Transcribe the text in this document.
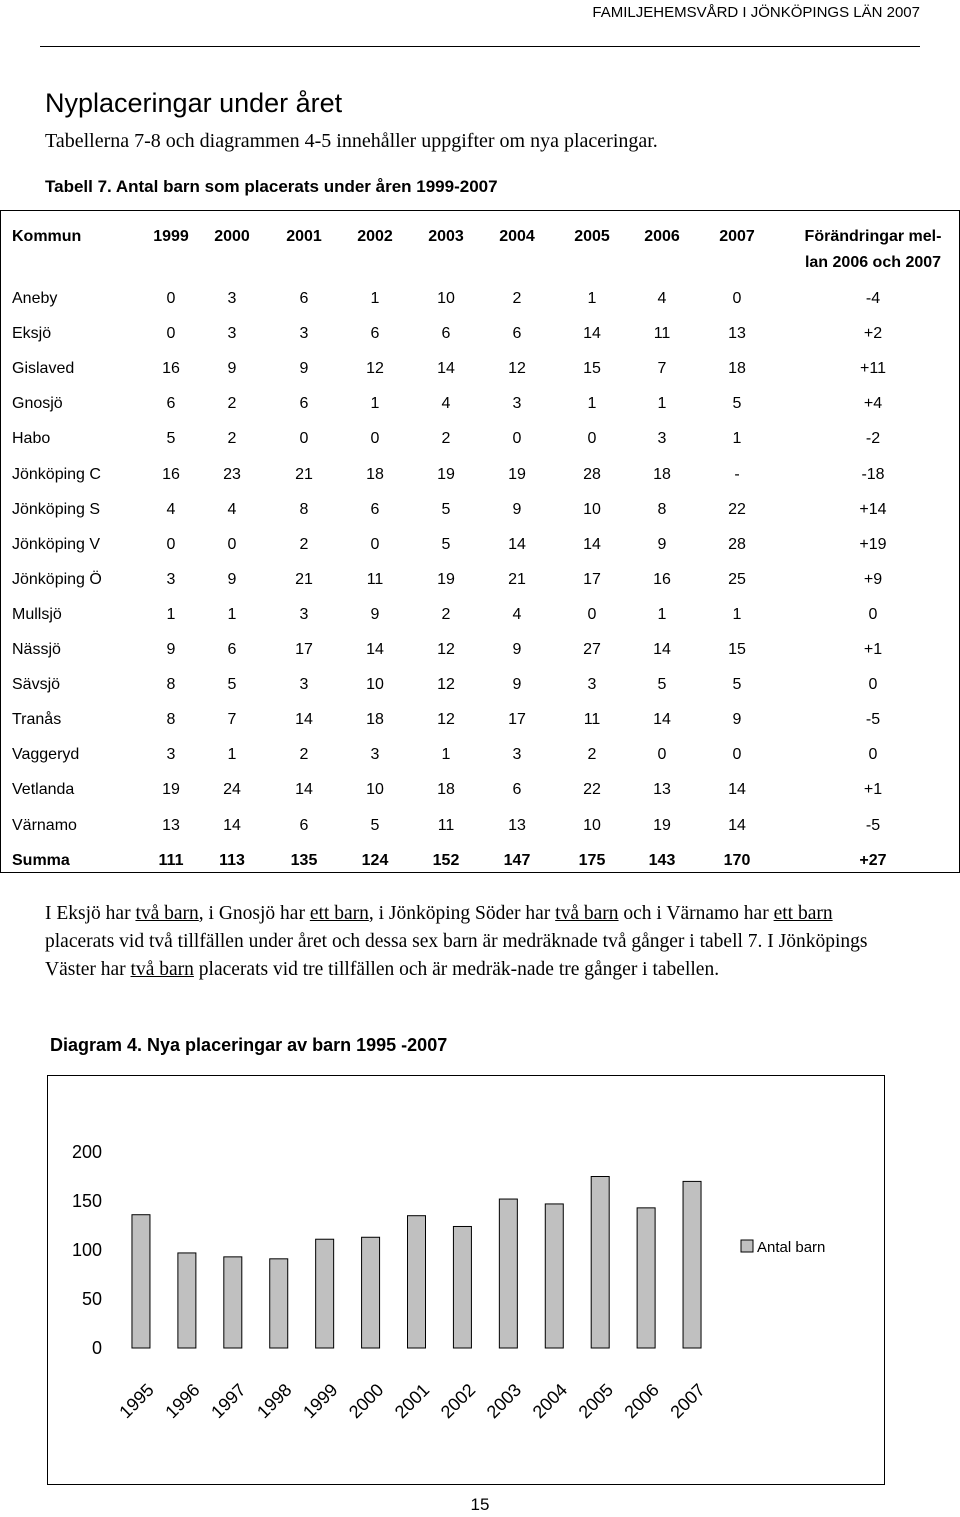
FAMILJEHEMSVÅRD I JÖNKÖPINGS LÄN 2007
Nyplaceringar under året
Tabellerna 7-8 och diagrammen 4-5 innehåller uppgifter om nya placeringar.
Tabell 7. Antal barn som placerats under åren 1999-2007
Kommun	1999	2000	2001	2002	2003	2004	2005	2006	2007	Förändringar mel-
lan 2006 och 2007
Aneby	0	3	6	1	10	2	1	4	0	-4
Eksjö	0	3	3	6	6	6	14	11	13	+2
Gislaved	16	9	9	12	14	12	15	7	18	+11
Gnosjö	6	2	6	1	4	3	1	1	5	+4
Habo	5	2	0	0	2	0	0	3	1	-2
Jönköping C	16	23	21	18	19	19	28	18	-	-18
Jönköping S	4	4	8	6	5	9	10	8	22	+14
Jönköping V	0	0	2	0	5	14	14	9	28	+19
Jönköping Ö	3	9	21	11	19	21	17	16	25	+9
Mullsjö	1	1	3	9	2	4	0	1	1	0
Nässjö	9	6	17	14	12	9	27	14	15	+1
Sävsjö	8	5	3	10	12	9	3	5	5	0
Tranås	8	7	14	18	12	17	11	14	9	-5
Vaggeryd	3	1	2	3	1	3	2	0	0	0
Vetlanda	19	24	14	10	18	6	22	13	14	+1
Värnamo	13	14	6	5	11	13	10	19	14	-5
Summa	111	113	135	124	152	147	175	143	170	+27
I Eksjö har två barn, i Gnosjö har ett barn, i Jönköping Söder har två barn och i Värnamo har ett barn placerats vid två tillfällen under året och dessa sex barn är medräknade två gånger i tabell 7. I Jönköpings Väster har två barn placerats vid tre tillfällen och är medräk-nade tre gånger i tabellen.
Diagram 4. Nya placeringar av barn 1995 -2007
0
50
100
150
200
1995 1996 1997 1998 1999 2000 2001 2002 2003 2004 2005 2006 2007
Antal barn
15
